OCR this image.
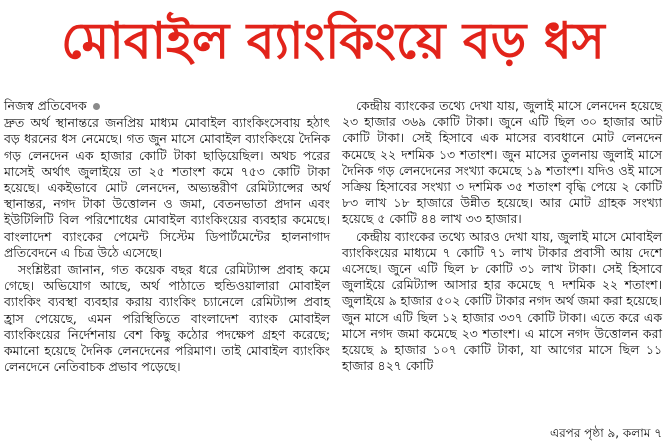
মোবাইল ব্যাংকিংয়ে বড় ধস
নিজস্ব প্রতিবেদক

দ্রুত অর্থ স্থানান্তরে জনপ্রিয় মাধ্যম মোবাইল ব্যাংকিংসেবায় হঠাৎ বড় ধরনের ধস নেমেছে। গত জুন মাসে মোবাইল ব্যাংকিংয়ে দৈনিক গড় লেনদেন এক হাজার কোটি টাকা ছাড়িয়েছিল। অথচ পরের মাসেই অর্থাৎ জুলাইয়ে তা ২৫ শতাংশ কমে ৭৫৩ কোটি টাকা হয়েছে। একইভাবে মোট লেনদেন, অভ্যন্তরীণ রেমিট্যান্সের অর্থ স্থানান্তর, নগদ টাকা উত্তোলন ও জমা, বেতনভাতা প্রদান এবং ইউটিলিটি বিল পরিশোধের মোবাইল ব্যাংকিংয়ের ব্যবহার কমেছে। বাংলাদেশ ব্যাংকের পেমেন্ট সিস্টেম ডিপার্টমেন্টের হালনাগাদ প্রতিবেদনে এ চিত্র উঠে এসেছে।

সংশ্লিষ্টরা জানান, গত কয়েক বছর ধরে রেমিট্যান্স প্রবাহ কমে গেছে। অভিযোগ আছে, অর্থ পাঠাতে হুন্ডিওয়ালারা মোবাইল ব্যাংকিং ব্যবস্থা ব্যবহার করায় ব্যাংকিং চ্যানেলে রেমিট্যান্স প্রবাহ হ্রাস পেয়েছে, এমন পরিস্থিতিতে বাংলাদেশ ব্যাংক মোবাইল ব্যাংকিংয়ের নির্দেশনায় বেশ কিছু কঠোর পদক্ষেপ গ্রহণ করেছে; কমানো হয়েছে দৈনিক লেনদেনের পরিমাণ। তাই মোবাইল ব্যাংকিং লেনদেনে নেতিবাচক প্রভাব পড়েছে।

কেন্দ্রীয় ব্যাংকের তথ্যে দেখা যায়, জুলাই মাসে লেনদেন হয়েছে ২৩ হাজার ৩৬৯ কোটি টাকা। জুনে এটি ছিল ৩০ হাজার আট কোটি টাকা। সেই হিসাবে এক মাসের ব্যবধানে মোট লেনদেন কমেছে ২২ দশমিক ১৩ শতাংশ। জুন মাসের তুলনায় জুলাই মাসে দৈনিক গড় লেনদেনের সংখ্যা কমেছে ১৯ শতাংশ। যদিও ওই মাসে সক্রিয় হিসাবের সংখ্যা ৩ দশমিক ৩৫ শতাংশ বৃদ্ধি পেয়ে ২ কোটি ৮৩ লাখ ১৮ হাজারে উন্নীত হয়েছে। আর মোট গ্রাহক সংখ্যা হয়েছে ৫ কোটি ৪৪ লাখ ৩৩ হাজার।

কেন্দ্রীয় ব্যাংকের তথ্যে আরও দেখা যায়, জুলাই মাসে মোবাইল ব্যাংকিংয়ের মাধ্যমে ৭ কোটি ৭১ লাখ টাকার প্রবাসী আয় দেশে এসেছে। জুনে এটি ছিল ৮ কোটি ৩১ লাখ টাকা। সেই হিসাবে জুলাইয়ে রেমিট্যান্স আসার হার কমেছে ৭ দশমিক ২২ শতাংশ। জুলাইয়ে ৯ হাজার ৫০২ কোটি টাকার নগদ অর্থ জমা করা হয়েছে। জুন মাসে এটি ছিল ১২ হাজার ৩৩৭ কোটি টাকা। এতে করে এক মাসে নগদ জমা কমেছে ২৩ শতাংশ। এ মাসে নগদ উত্তোলন করা হয়েছে ৯ হাজার ১০৭ কোটি টাকা, যা আগের মাসে ছিল ১১ হাজার ৪২৭ কোটি

এরপর পৃষ্ঠা ৯, কলাম ৭
